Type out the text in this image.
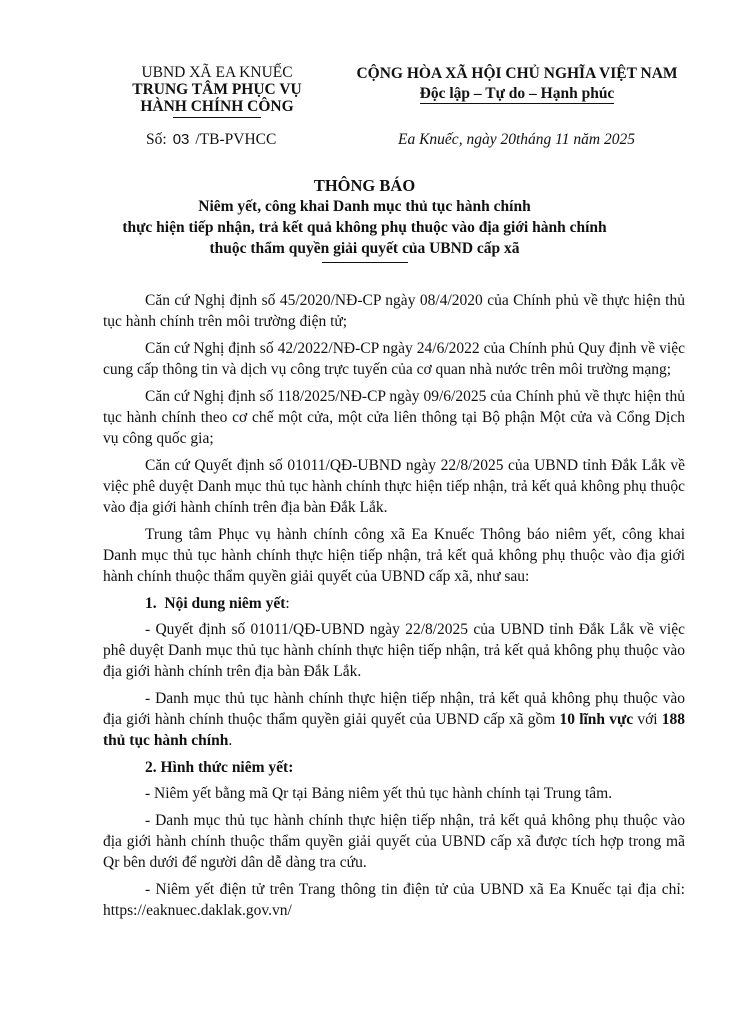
UBND XÃ EA KNUẾC
TRUNG TÂM PHỤC VỤ
HÀNH CHÍNH CÔNG
CỘNG HÒA XÃ HỘI CHỦ NGHĨA VIỆT NAM
Độc lập – Tự do – Hạnh phúc
Số: 03 /TB-PVHCC	Ea Knuếc, ngày 20tháng 11 năm 2025
THÔNG BÁO
Niêm yết, công khai Danh mục thủ tục hành chính
thực hiện tiếp nhận, trả kết quả không phụ thuộc vào địa giới hành chính
thuộc thẩm quyền giải quyết của UBND cấp xã

Căn cứ Nghị định số 45/2020/NĐ-CP ngày 08/4/2020 của Chính phủ về thực hiện thủ tục hành chính trên môi trường điện tử;

Căn cứ Nghị định số 42/2022/NĐ-CP ngày 24/6/2022 của Chính phủ Quy định về việc cung cấp thông tin và dịch vụ công trực tuyến của cơ quan nhà nước trên môi trường mạng;

Căn cứ Nghị định số 118/2025/NĐ-CP ngày 09/6/2025 của Chính phủ về thực hiện thủ tục hành chính theo cơ chế một cửa, một cửa liên thông tại Bộ phận Một cửa và Cổng Dịch vụ công quốc gia;

Căn cứ Quyết định số 01011/QĐ-UBND ngày 22/8/2025 của UBND tỉnh Đắk Lắk về việc phê duyệt Danh mục thủ tục hành chính thực hiện tiếp nhận, trả kết quả không phụ thuộc vào địa giới hành chính trên địa bàn Đắk Lắk.

Trung tâm Phục vụ hành chính công xã Ea Knuếc Thông báo niêm yết, công khai Danh mục thủ tục hành chính thực hiện tiếp nhận, trả kết quả không phụ thuộc vào địa giới hành chính thuộc thẩm quyền giải quyết của UBND cấp xã, như sau:

1. Nội dung niêm yết:

- Quyết định số 01011/QĐ-UBND ngày 22/8/2025 của UBND tỉnh Đắk Lắk về việc phê duyệt Danh mục thủ tục hành chính thực hiện tiếp nhận, trả kết quả không phụ thuộc vào địa giới hành chính trên địa bàn Đắk Lắk.

- Danh mục thủ tục hành chính thực hiện tiếp nhận, trả kết quả không phụ thuộc vào địa giới hành chính thuộc thẩm quyền giải quyết của UBND cấp xã gồm 10 lĩnh vực với 188 thủ tục hành chính.

2. Hình thức niêm yết:

- Niêm yết bằng mã Qr tại Bảng niêm yết thủ tục hành chính tại Trung tâm.

- Danh mục thủ tục hành chính thực hiện tiếp nhận, trả kết quả không phụ thuộc vào địa giới hành chính thuộc thẩm quyền giải quyết của UBND cấp xã được tích hợp trong mã Qr bên dưới để người dân dễ dàng tra cứu.

- Niêm yết điện tử trên Trang thông tin điện tử của UBND xã Ea Knuếc tại địa chỉ: https://eaknuec.daklak.gov.vn/
